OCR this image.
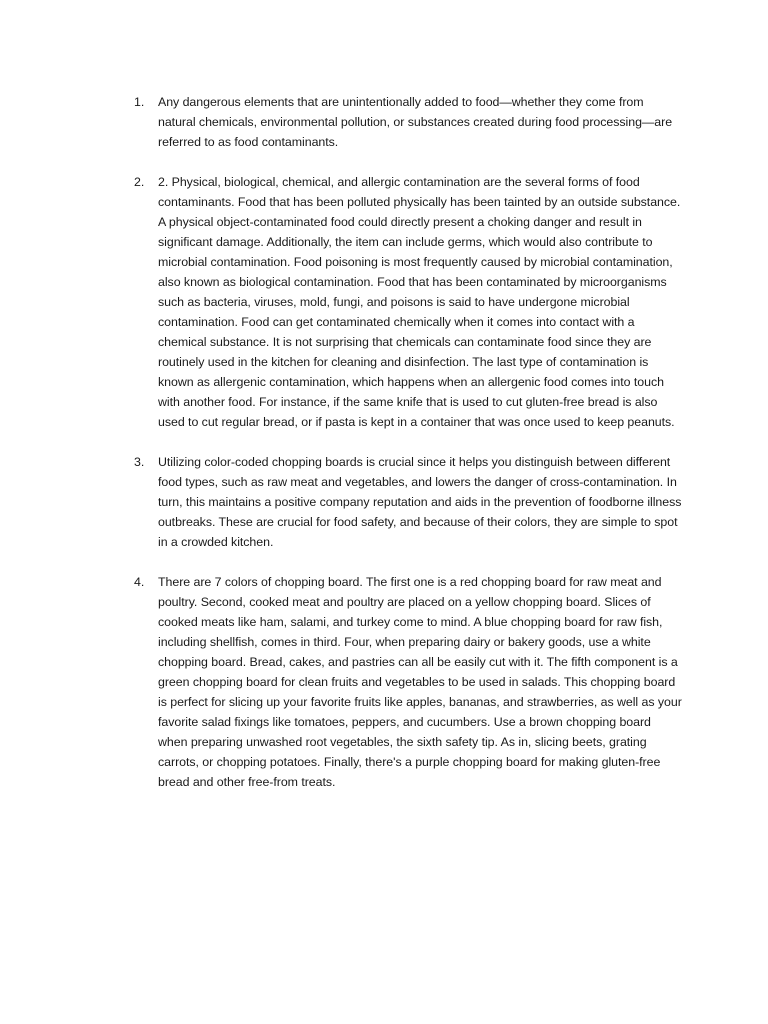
1.	Any dangerous elements that are unintentionally added to food—whether they come from natural chemicals, environmental pollution, or substances created during food processing—are referred to as food contaminants.
2.	2. Physical, biological, chemical, and allergic contamination are the several forms of food contaminants. Food that has been polluted physically has been tainted by an outside substance. A physical object-contaminated food could directly present a choking danger and result in significant damage. Additionally, the item can include germs, which would also contribute to microbial contamination. Food poisoning is most frequently caused by microbial contamination, also known as biological contamination. Food that has been contaminated by microorganisms such as bacteria, viruses, mold, fungi, and poisons is said to have undergone microbial contamination. Food can get contaminated chemically when it comes into contact with a chemical substance. It is not surprising that chemicals can contaminate food since they are routinely used in the kitchen for cleaning and disinfection. The last type of contamination is known as allergenic contamination, which happens when an allergenic food comes into touch with another food. For instance, if the same knife that is used to cut gluten-free bread is also used to cut regular bread, or if pasta is kept in a container that was once used to keep peanuts.
3.	Utilizing color-coded chopping boards is crucial since it helps you distinguish between different food types, such as raw meat and vegetables, and lowers the danger of cross-contamination. In turn, this maintains a positive company reputation and aids in the prevention of foodborne illness outbreaks. These are crucial for food safety, and because of their colors, they are simple to spot in a crowded kitchen.
4.	There are 7 colors of chopping board. The first one is a red chopping board for raw meat and poultry. Second, cooked meat and poultry are placed on a yellow chopping board. Slices of cooked meats like ham, salami, and turkey come to mind. A blue chopping board for raw fish, including shellfish, comes in third. Four, when preparing dairy or bakery goods, use a white chopping board. Bread, cakes, and pastries can all be easily cut with it. The fifth component is a green chopping board for clean fruits and vegetables to be used in salads. This chopping board is perfect for slicing up your favorite fruits like apples, bananas, and strawberries, as well as your favorite salad fixings like tomatoes, peppers, and cucumbers. Use a brown chopping board when preparing unwashed root vegetables, the sixth safety tip. As in, slicing beets, grating carrots, or chopping potatoes. Finally, there's a purple chopping board for making gluten-free bread and other free-from treats.
